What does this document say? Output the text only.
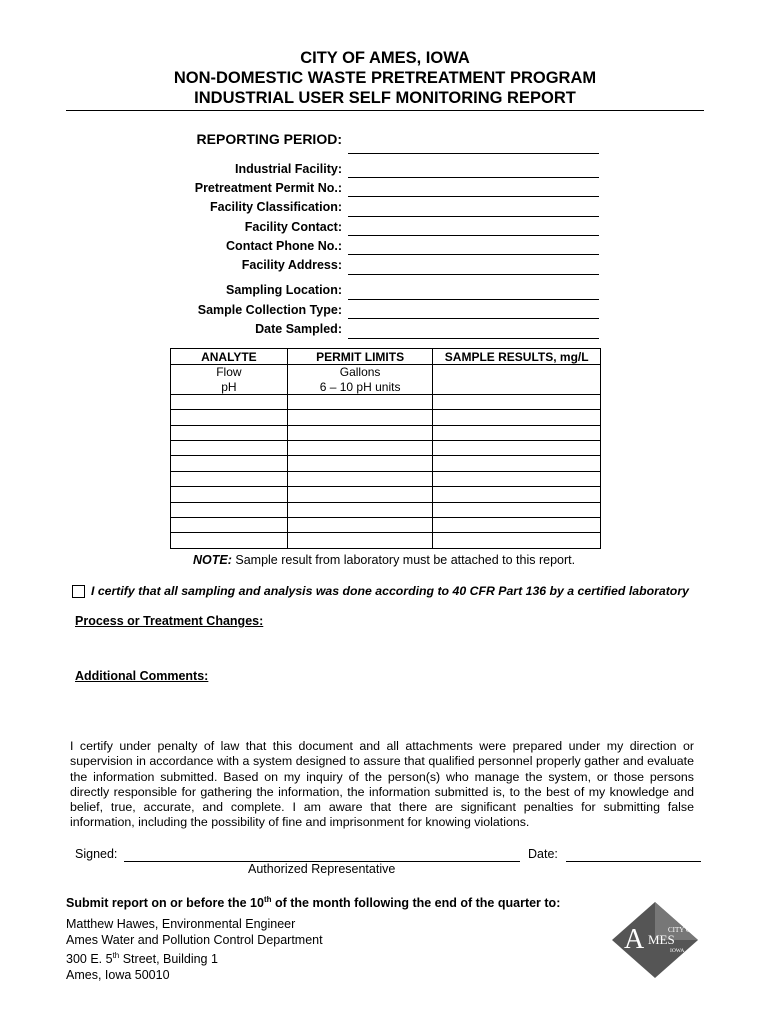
CITY OF AMES, IOWA
NON-DOMESTIC WASTE PRETREATMENT PROGRAM
INDUSTRIAL USER SELF MONITORING REPORT
REPORTING PERIOD:
Industrial Facility:
Pretreatment Permit No.:
Facility Classification:
Facility Contact:
Contact Phone No.:
Facility Address:
Sampling Location:
Sample Collection Type:
Date Sampled:
ANALYTE	PERMIT LIMITS	SAMPLE RESULTS, mg/L
Flow	Gallons	
pH	6 – 10 pH units	

NOTE: Sample result from laboratory must be attached to this report.
I certify that all sampling and analysis was done according to 40 CFR Part 136 by a certified laboratory
Process or Treatment Changes:
Additional Comments:
I certify under penalty of law that this document and all attachments were prepared under my direction or supervision in accordance with a system designed to assure that qualified personnel properly gather and evaluate the information submitted. Based on my inquiry of the person(s) who manage the system, or those persons directly responsible for gathering the information, the information submitted is, to the best of my knowledge and belief, true, accurate, and complete. I am aware that there are significant penalties for submitting false information, including the possibility of fine and imprisonment for knowing violations.
Signed:
Authorized Representative
Date:
Submit report on or before the 10th of the month following the end of the quarter to:
Matthew Hawes, Environmental Engineer
Ames Water and Pollution Control Department
300 E. 5th Street, Building 1
Ames, Iowa 50010
CITY OF
A MES
IOWA
